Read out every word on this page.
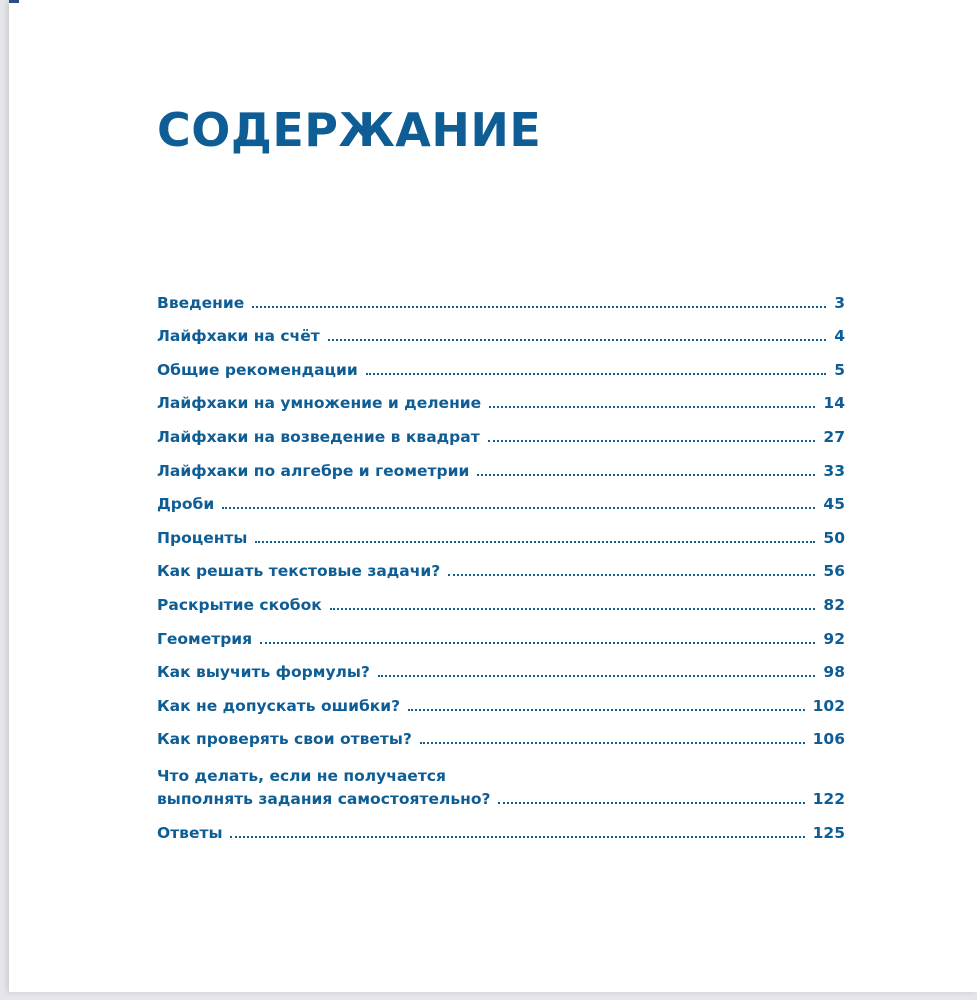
СОДЕРЖАНИЕ
Введение	3
Лайфхаки на счёт	4
Общие рекомендации	5
Лайфхаки на умножение и деление	14
Лайфхаки на возведение в квадрат	27
Лайфхаки по алгебре и геометрии	33
Дроби	45
Проценты	50
Как решать текстовые задачи?	56
Раскрытие скобок	82
Геометрия	92
Как выучить формулы?	98
Как не допускать ошибки?	102
Как проверять свои ответы?	106
Что делать, если не получается
выполнять задания самостоятельно?	122
Ответы	125
